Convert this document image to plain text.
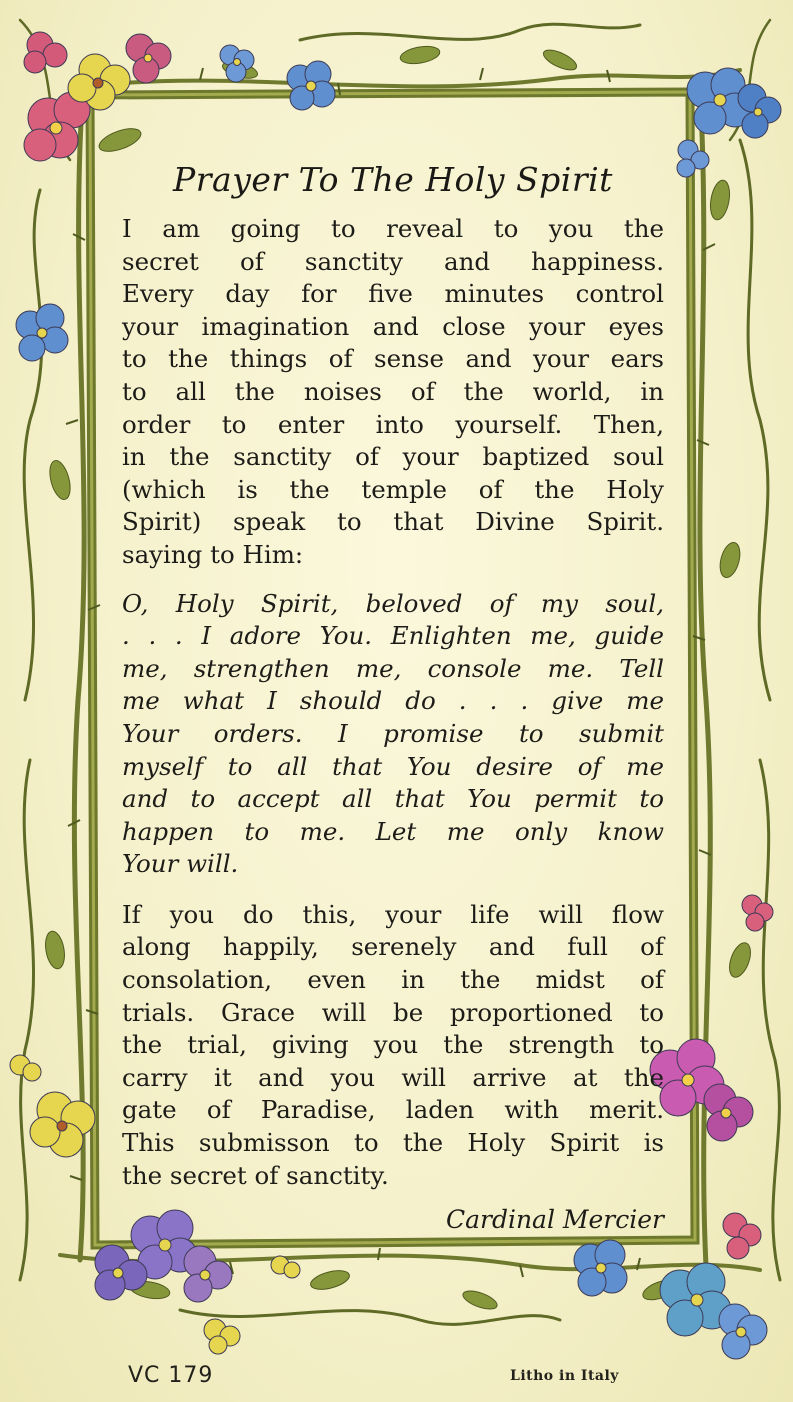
Prayer To The Holy Spirit

I am going to reveal to you the
secret of sanctity and happiness.
Every day for five minutes control
your imagination and close your eyes
to the things of sense and your ears
to all the noises of the world, in
order to enter into yourself. Then,
in the sanctity of your baptized soul
(which is the temple of the Holy
Spirit) speak to that Divine Spirit.
saying to Him:

O, Holy Spirit, beloved of my soul,
. . . I adore You. Enlighten me, guide
me, strengthen me, console me. Tell
me what I should do . . . give me
Your orders. I promise to submit
myself to all that You desire of me
and to accept all that You permit to
happen to me. Let me only know
Your will.

If you do this, your life will flow
along happily, serenely and full of
consolation, even in the midst of
trials. Grace will be proportioned to
the trial, giving you the strength to
carry it and you will arrive at the
gate of Paradise, laden with merit.
This submisson to the Holy Spirit is
the secret of sanctity.

Cardinal Mercier
VC 179	Litho in Italy
